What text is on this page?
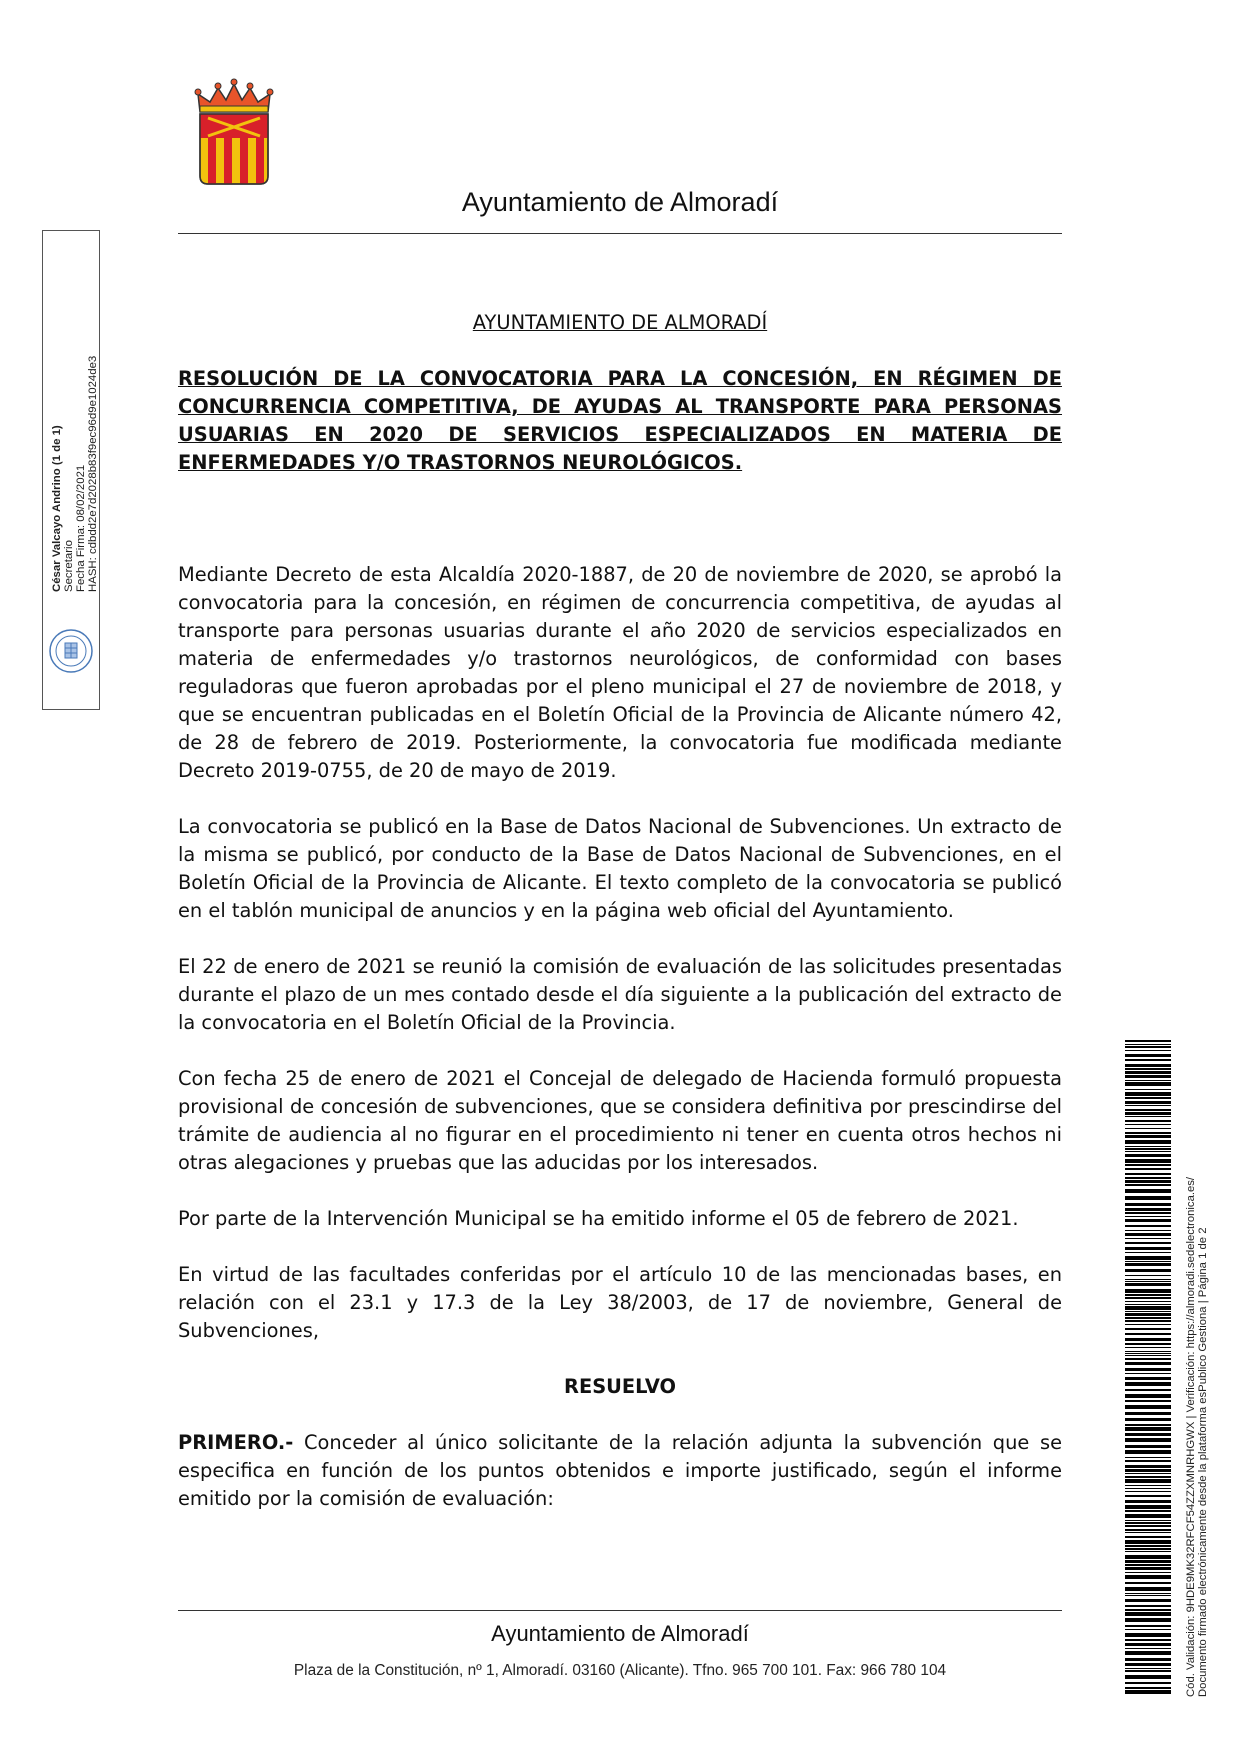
Ayuntamiento de Almoradí
César Valcayo Andrino (1 de 1) Secretario Fecha Firma: 08/02/2021 HASH: cdbdd2e7d2028b83f9ec96d9e1024de3

AYUNTAMIENTO DE ALMORADÍ

RESOLUCIÓN DE LA CONVOCATORIA PARA LA CONCESIÓN, EN RÉGIMEN DE CONCURRENCIA COMPETITIVA, DE AYUDAS AL TRANSPORTE PARA PERSONAS USUARIAS EN 2020 DE SERVICIOS ESPECIALIZADOS EN MATERIA DE ENFERMEDADES Y/O TRASTORNOS NEUROLÓGICOS.

Mediante Decreto de esta Alcaldía 2020-1887, de 20 de noviembre de 2020, se aprobó la convocatoria para la concesión, en régimen de concurrencia competitiva, de ayudas al transporte para personas usuarias durante el año 2020 de servicios especializados en materia de enfermedades y/o trastornos neurológicos, de conformidad con bases reguladoras que fueron aprobadas por el pleno municipal el 27 de noviembre de 2018, y que se encuentran publicadas en el Boletín Oficial de la Provincia de Alicante número 42, de 28 de febrero de 2019. Posteriormente, la convocatoria fue modificada mediante Decreto 2019-0755, de 20 de mayo de 2019.

La convocatoria se publicó en la Base de Datos Nacional de Subvenciones. Un extracto de la misma se publicó, por conducto de la Base de Datos Nacional de Subvenciones, en el Boletín Oficial de la Provincia de Alicante. El texto completo de la convocatoria se publicó en el tablón municipal de anuncios y en la página web oficial del Ayuntamiento.

El 22 de enero de 2021 se reunió la comisión de evaluación de las solicitudes presentadas durante el plazo de un mes contado desde el día siguiente a la publicación del extracto de la convocatoria en el Boletín Oficial de la Provincia.

Con fecha 25 de enero de 2021 el Concejal de delegado de Hacienda formuló propuesta provisional de concesión de subvenciones, que se considera definitiva por prescindirse del trámite de audiencia al no figurar en el procedimiento ni tener en cuenta otros hechos ni otras alegaciones y pruebas que las aducidas por los interesados.

Por parte de la Intervención Municipal se ha emitido informe el 05 de febrero de 2021.

En virtud de las facultades conferidas por el artículo 10 de las mencionadas bases, en relación con el 23.1 y 17.3 de la Ley 38/2003, de 17 de noviembre, General de Subvenciones,

RESUELVO

PRIMERO.- Conceder al único solicitante de la relación adjunta la subvención que se especifica en función de los puntos obtenidos e importe justificado, según el informe emitido por la comisión de evaluación:

Ayuntamiento de Almoradí
Plaza de la Constitución, nº 1, Almoradí. 03160 (Alicante). Tfno. 965 700 101. Fax: 966 780 104	Cód. Validación: 9HDE9MK32RFCF54ZZXMNRHGWX | Verificación: https://almoradi.sedelectronica.es/ Documento firmado electrónicamente desde la plataforma esPublico Gestiona | Página 1 de 2
